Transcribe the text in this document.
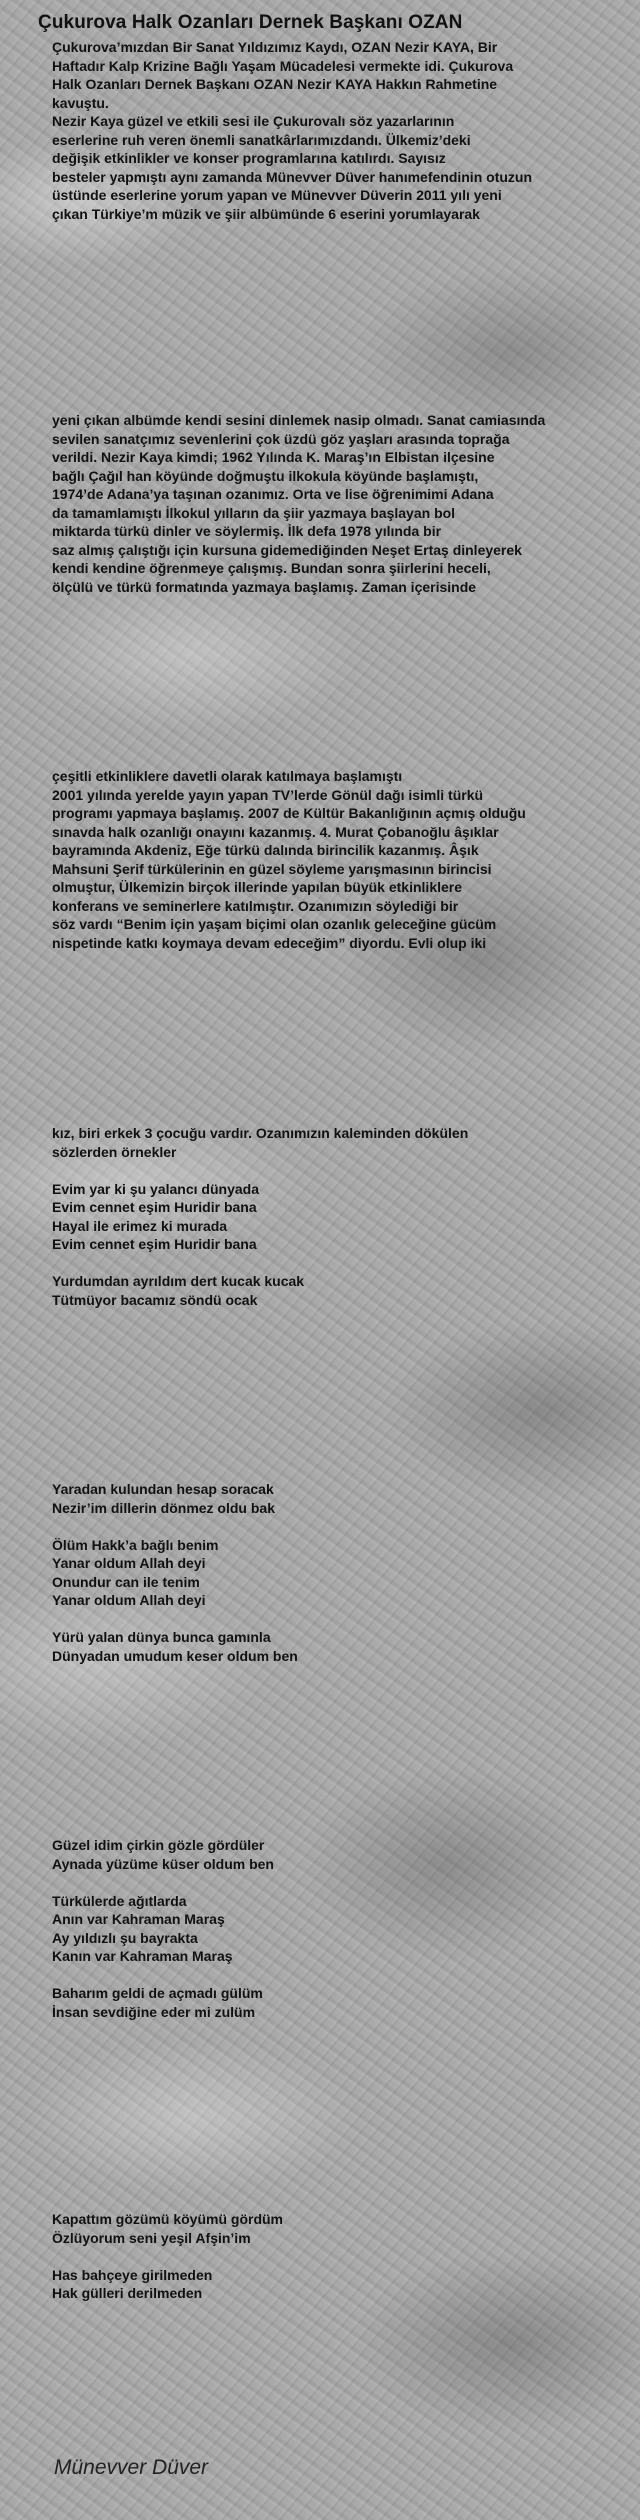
Çukurova Halk Ozanları Dernek Başkanı OZAN

Çukurova’mızdan Bir Sanat Yıldızımız Kaydı, OZAN Nezir KAYA, Bir

Haftadır Kalp Krizine Bağlı Yaşam Mücadelesi vermekte idi. Çukurova

Halk Ozanları Dernek Başkanı OZAN Nezir KAYA Hakkın Rahmetine

kavuştu.

Nezir Kaya güzel ve etkili sesi ile Çukurovalı söz yazarlarının

eserlerine ruh veren önemli sanatkârlarımızdandı. Ülkemiz’deki

değişik etkinlikler ve konser programlarına katılırdı. Sayısız

besteler yapmıştı aynı zamanda Münevver Düver hanımefendinin otuzun

üstünde eserlerine yorum yapan ve Münevver Düverin 2011 yılı yeni

çıkan Türkiye’m müzik ve şiir albümünde 6 eserini yorumlayarak

yeni çıkan albümde kendi sesini dinlemek nasip olmadı. Sanat camiasında

sevilen sanatçımız sevenlerini çok üzdü göz yaşları arasında toprağa

verildi. Nezir Kaya kimdi; 1962 Yılında K. Maraş’ın Elbistan ilçesine

bağlı Çağıl han köyünde doğmuştu ilkokula köyünde başlamıştı,

1974’de Adana’ya taşınan ozanımız. Orta ve lise öğrenimimi Adana

da tamamlamıştı İlkokul yılların da şiir yazmaya başlayan bol

miktarda türkü dinler ve söylermiş. İlk defa 1978 yılında bir

saz almış çalıştığı için kursuna gidemediğinden Neşet Ertaş dinleyerek

kendi kendine öğrenmeye çalışmış. Bundan sonra şiirlerini heceli,

ölçülü ve türkü formatında yazmaya başlamış. Zaman içerisinde

çeşitli etkinliklere davetli olarak katılmaya başlamıştı

2001 yılında yerelde yayın yapan TV’lerde Gönül dağı isimli türkü

programı yapmaya başlamış. 2007 de Kültür Bakanlığının açmış olduğu

sınavda halk ozanlığı onayını kazanmış. 4. Murat Çobanoğlu âşıklar

bayramında Akdeniz, Eğe türkü dalında birincilik kazanmış. Âşık

Mahsuni Şerif türkülerinin en güzel söyleme yarışmasının birincisi

olmuştur, Ülkemizin birçok illerinde yapılan büyük etkinliklere

konferans ve seminerlere katılmıştır. Ozanımızın söylediği bir

söz vardı “Benim için yaşam biçimi olan ozanlık geleceğine gücüm

nispetinde katkı koymaya devam edeceğim” diyordu. Evli olup iki

kız, biri erkek 3 çocuğu vardır. Ozanımızın kaleminden dökülen

sözlerden örnekler

Evim yar ki şu yalancı dünyada

Evim cennet eşim Huridir bana

Hayal ile erimez ki murada

Evim cennet eşim Huridir bana

Yurdumdan ayrıldım dert kucak kucak

Tütmüyor bacamız söndü ocak

Yaradan kulundan hesap soracak

Nezir’im dillerin dönmez oldu bak

Ölüm Hakk’a bağlı benim

Yanar oldum Allah deyi

Onundur can ile tenim

Yanar oldum Allah deyi

Yürü yalan dünya bunca gamınla

Dünyadan umudum keser oldum ben

Güzel idim çirkin gözle gördüler

Aynada yüzüme küser oldum ben

Türkülerde ağıtlarda

Anın var Kahraman Maraş

Ay yıldızlı şu bayrakta

Kanın var Kahraman Maraş

Baharım geldi de açmadı gülüm

İnsan sevdiğine eder mi zulüm

Kapattım gözümü köyümü gördüm

Özlüyorum seni yeşil Afşin’im

Has bahçeye girilmeden

Hak gülleri derilmeden

Münevver Düver
